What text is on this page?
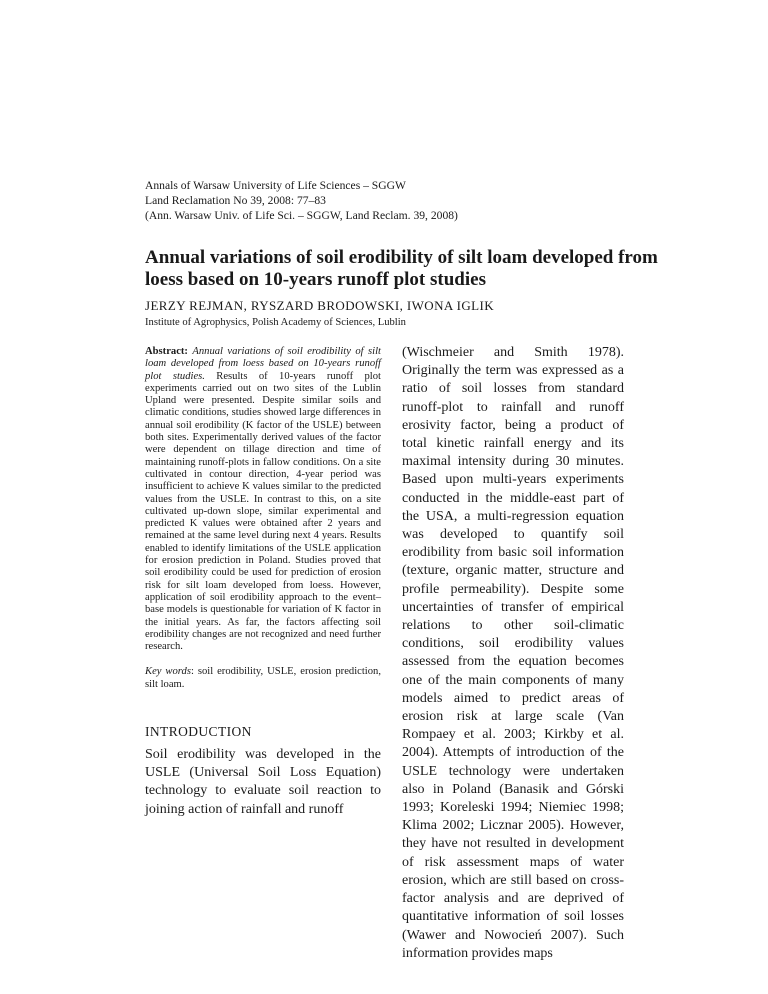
Annals of Warsaw University of Life Sciences – SGGW
Land Reclamation No 39, 2008: 77–83
(Ann. Warsaw Univ. of Life Sci. – SGGW, Land Reclam. 39, 2008)
Annual variations of soil erodibility of silt loam developed from loess based on 10-years runoff plot studies
JERZY REJMAN, RYSZARD BRODOWSKI, IWONA IGLIK
Institute of Agrophysics, Polish Academy of Sciences, Lublin

Abstract: Annual variations of soil erodibility of silt loam developed from loess based on 10-years runoff plot studies. Results of 10-years runoff plot experiments carried out on two sites of the Lublin Upland were presented. Despite similar soils and climatic conditions, studies showed large differences in annual soil erodibility (K factor of the USLE) between both sites. Experimentally derived values of the factor were dependent on tillage direction and time of maintaining runoff-plots in fallow conditions. On a site cultivated in contour direction, 4-year period was insufficient to achieve K values similar to the predicted values from the USLE. In contrast to this, on a site cultivated up-down slope, similar experimental and predicted K values were obtained after 2 years and remained at the same level during next 4 years. Results enabled to identify limitations of the USLE application for erosion prediction in Poland. Studies proved that soil erodibility could be used for prediction of erosion risk for silt loam developed from loess. However, application of soil erodibility approach to the event–base models is questionable for variation of K factor in the initial years. As far, the factors affecting soil erodibility changes are not recognized and need further research.

Key words: soil erodibility, USLE, erosion prediction, silt loam.

INTRODUCTION

Soil erodibility was developed in the USLE (Universal Soil Loss Equation) technology to evaluate soil reaction to joining action of rainfall and runoff

(Wischmeier and Smith 1978). Originally the term was expressed as a ratio of soil losses from standard runoff-plot to rainfall and runoff erosivity factor, being a product of total kinetic rainfall energy and its maximal intensity during 30 minutes. Based upon multi-years experiments conducted in the middle-east part of the USA, a multi-regression equation was developed to quantify soil erodibility from basic soil information (texture, organic matter, structure and profile permeability). Despite some uncertainties of transfer of empirical relations to other soil-climatic conditions, soil erodibility values assessed from the equation becomes one of the main components of many models aimed to predict areas of erosion risk at large scale (Van Rompaey et al. 2003; Kirkby et al. 2004). Attempts of introduction of the USLE technology were undertaken also in Poland (Banasik and Górski 1993; Koreleski 1994; Niemiec 1998; Klima 2002; Licznar 2005). However, they have not resulted in development of risk assessment maps of water erosion, which are still based on cross-factor analysis and are deprived of quantitative information of soil losses (Wawer and Nowocień 2007). Such information provides maps
